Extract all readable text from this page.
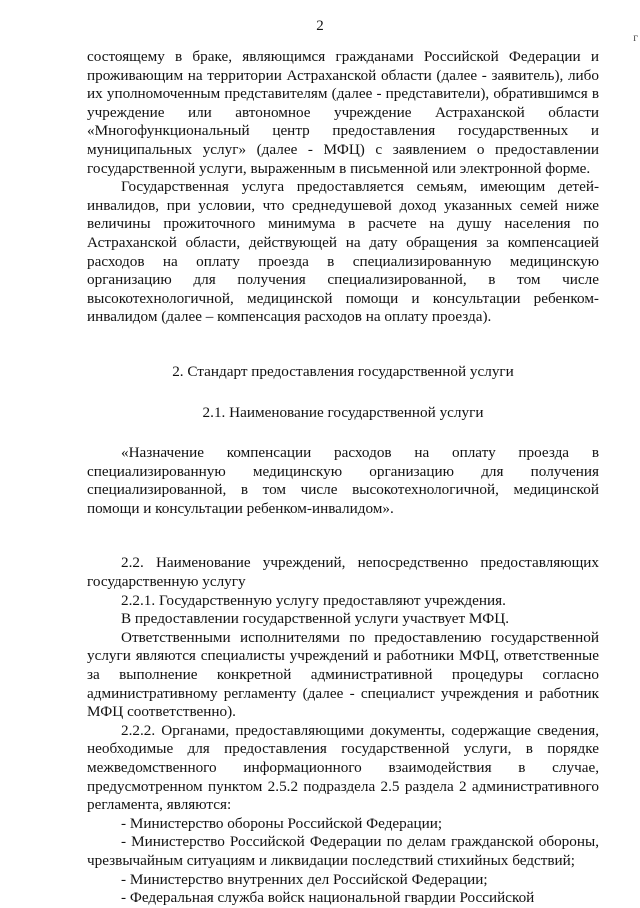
2
г

состоящему в браке, являющимся гражданами Российской Федерации и проживающим на территории Астраханской области (далее - заявитель), либо их уполномоченным представителям (далее - представители), обратившимся в учреждение или автономное учреждение Астраханской области «Многофункциональный центр предоставления государственных и муниципальных услуг» (далее - МФЦ) с заявлением о предоставлении государственной услуги, выраженным в письменной или электронной форме.

Государственная услуга предоставляется семьям, имеющим детей-инвалидов, при условии, что среднедушевой доход указанных семей ниже величины прожиточного минимума в расчете на душу населения по Астраханской области, действующей на дату обращения за компенсацией расходов на оплату проезда в специализированную медицинскую организацию для получения специализированной, в том числе высокотехнологичной, медицинской помощи и консультации ребенком-инвалидом (далее – компенсация расходов на оплату проезда).

2. Стандарт предоставления государственной услуги

2.1. Наименование государственной услуги

«Назначение компенсации расходов на оплату проезда в специализированную медицинскую организацию для получения специализированной, в том числе высокотехнологичной, медицинской помощи и консультации ребенком-инвалидом».

2.2. Наименование учреждений, непосредственно предоставляющих государственную услугу

2.2.1. Государственную услугу предоставляют учреждения.

В предоставлении государственной услуги участвует МФЦ.

Ответственными исполнителями по предоставлению государственной услуги являются специалисты учреждений и работники МФЦ, ответственные за выполнение конкретной административной процедуры согласно административному регламенту (далее - специалист учреждения и работник МФЦ соответственно).

2.2.2. Органами, предоставляющими документы, содержащие сведения, необходимые для предоставления государственной услуги, в порядке межведомственного информационного взаимодействия в случае, предусмотренном пунктом 2.5.2 подраздела 2.5 раздела 2 административного регламента, являются:

- Министерство обороны Российской Федерации;

- Министерство Российской Федерации по делам гражданской обороны, чрезвычайным ситуациям и ликвидации последствий стихийных бедствий;

- Министерство внутренних дел Российской Федерации;

- Федеральная служба войск национальной гвардии Российской
